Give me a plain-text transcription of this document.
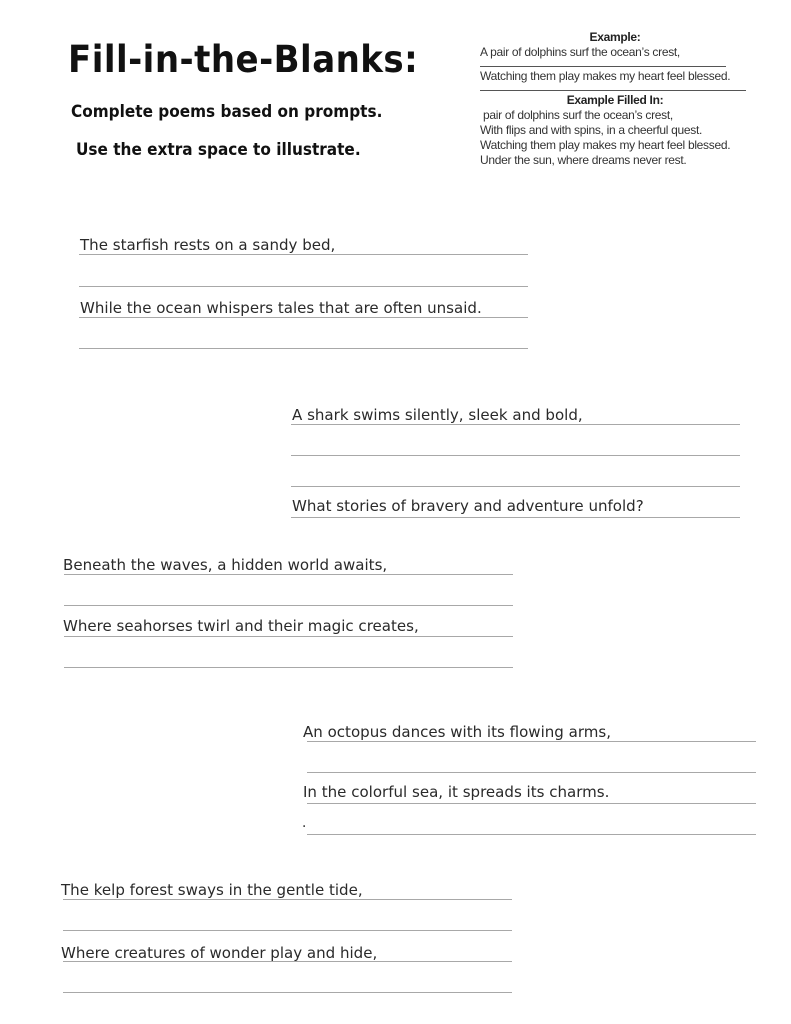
Fill-in-the-Blanks:
Complete poems based on prompts.
Use the extra space to illustrate.
Example:
A pair of dolphins surf the ocean’s crest,
Watching them play makes my heart feel blessed.
Example Filled In:
pair of dolphins surf the ocean’s crest,
With flips and with spins, in a cheerful quest.
Watching them play makes my heart feel blessed.
Under the sun, where dreams never rest.
The starfish rests on a sandy bed,
While the ocean whispers tales that are often unsaid.
A shark swims silently, sleek and bold,
What stories of bravery and adventure unfold?
Beneath the waves, a hidden world awaits,
Where seahorses twirl and their magic creates,
An octopus dances with its flowing arms,
In the colorful sea, it spreads its charms.
.
The kelp forest sways in the gentle tide,
Where creatures of wonder play and hide,
